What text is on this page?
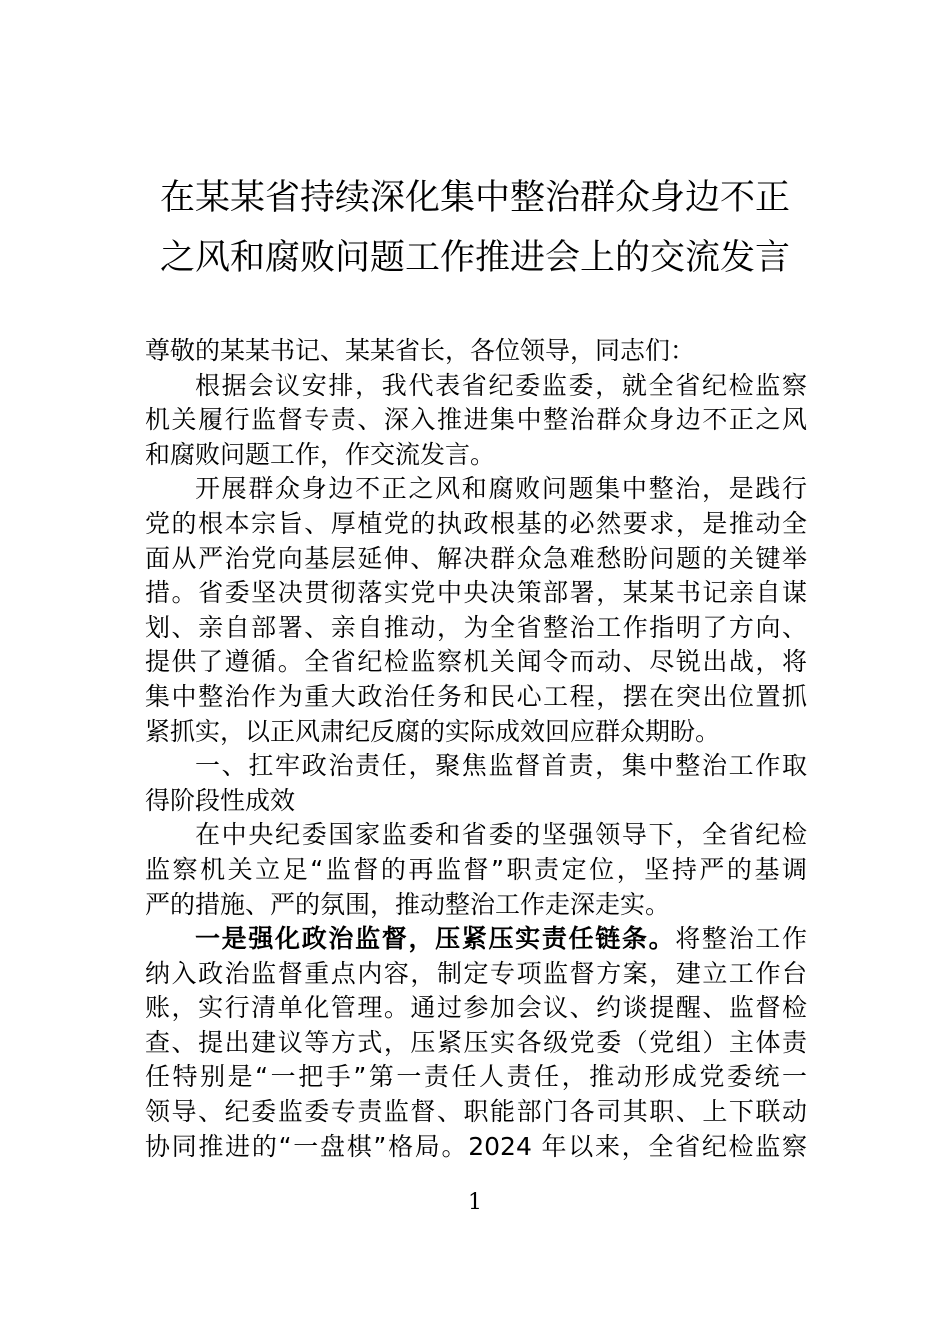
在某某省持续深化集中整治群众身边不正
之风和腐败问题工作推进会上的交流发言
尊敬的某某书记、某某省长，各位领导，同志们：
根据会议安排，我代表省纪委监委，就全省纪检监察
机关履行监督专责、深入推进集中整治群众身边不正之风
和腐败问题工作，作交流发言。
开展群众身边不正之风和腐败问题集中整治，是践行
党的根本宗旨、厚植党的执政根基的必然要求，是推动全
面从严治党向基层延伸、解决群众急难愁盼问题的关键举
措。省委坚决贯彻落实党中央决策部署，某某书记亲自谋
划、亲自部署、亲自推动，为全省整治工作指明了方向、
提供了遵循。全省纪检监察机关闻令而动、尽锐出战，将
集中整治作为重大政治任务和民心工程，摆在突出位置抓
紧抓实，以正风肃纪反腐的实际成效回应群众期盼。
一、扛牢政治责任，聚焦监督首责，集中整治工作取
得阶段性成效
在中央纪委国家监委和省委的坚强领导下，全省纪检
监察机关立足“监督的再监督”职责定位，坚持严的基调
严的措施、严的氛围，推动整治工作走深走实。
一是强化政治监督，压紧压实责任链条。将整治工作
纳入政治监督重点内容，制定专项监督方案，建立工作台
账，实行清单化管理。通过参加会议、约谈提醒、监督检
查、提出建议等方式，压紧压实各级党委（党组）主体责
任特别是“一把手”第一责任人责任，推动形成党委统一
领导、纪委监委专责监督、职能部门各司其职、上下联动
协同推进的“一盘棋”格局。2024 年以来，全省纪检监察
1
